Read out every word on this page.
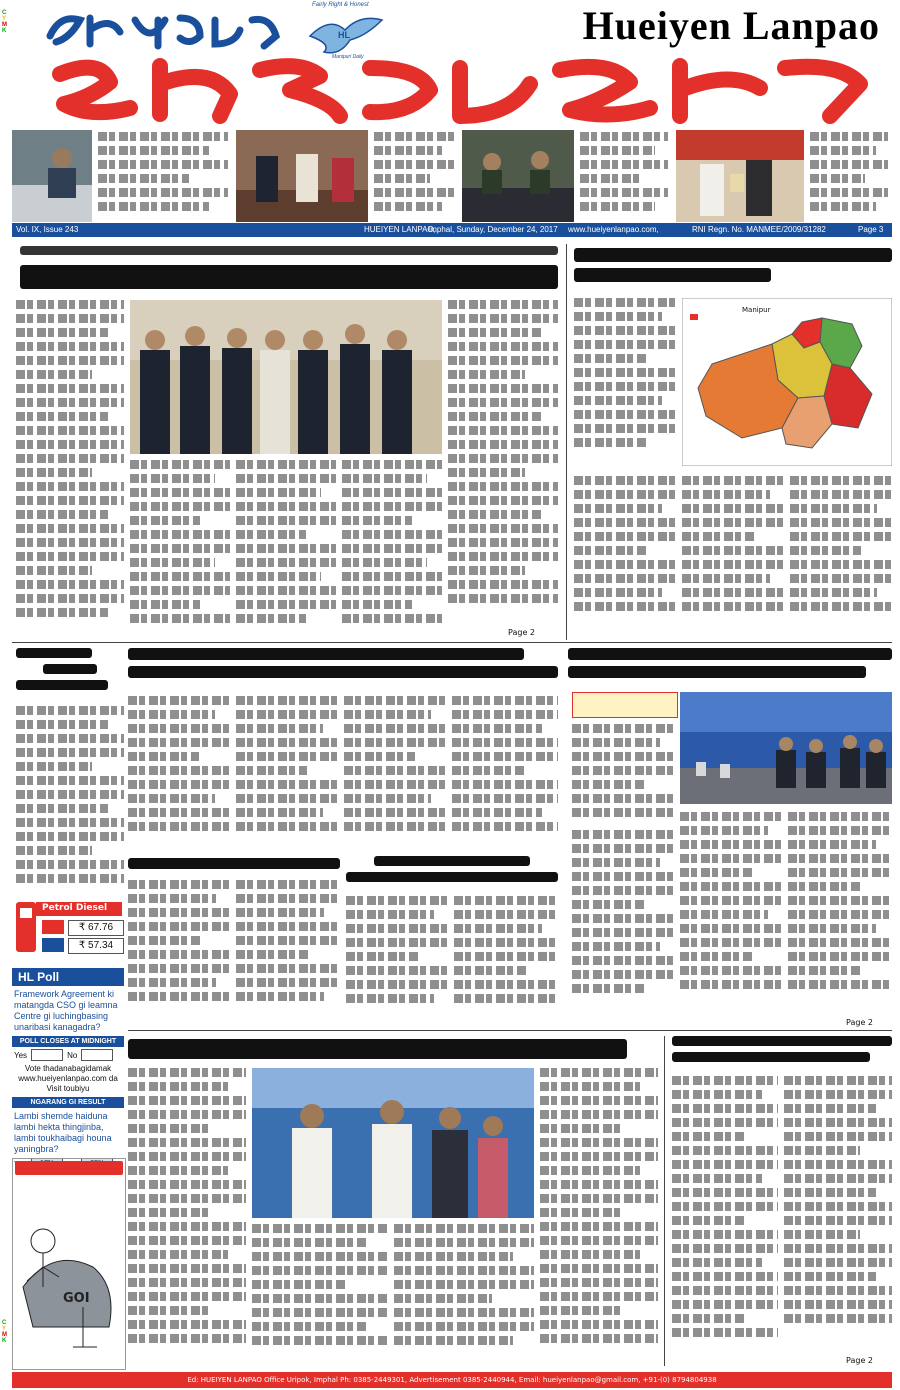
C
Y
M
K
C
Y
M
K
HL
Fairly Right & Honest
Manipuri Daily
Hueiyen Lanpao
Vol. IX, Issue 243	HUEIYEN LANPAO,
Imphal, Sunday, December 24, 2017 www.hueiyenlanpao.com,	RNI Regn. No. MANMEE/2009/31282	Page 3
Page 2
Manipur
Petrol Diesel
₹ 67.76
₹ 57.34
HL Poll
Framework Agreement ki matangda CSO gi leamna Centre gi luchingbasing unaribasi kanagadra?
POLL CLOSES AT MIDNIGHT
Yes	No
Vote thadanabagidamak www.hueiyenlanpao.com da Visit toubiyu
NGARANG GI RESULT
Lambi shemde haiduna lambi hekta thingjinba, lambi toukhaibagi houna yaningbra?
GOI
Page 2
Page 2
Ed: HUEIYEN LANPAO Office Uripok, Imphal Ph: 0385-2449301, Advertisement 0385-2440944, Email: hueiyenlanpao@gmail.com, +91-(0) 8794804938
